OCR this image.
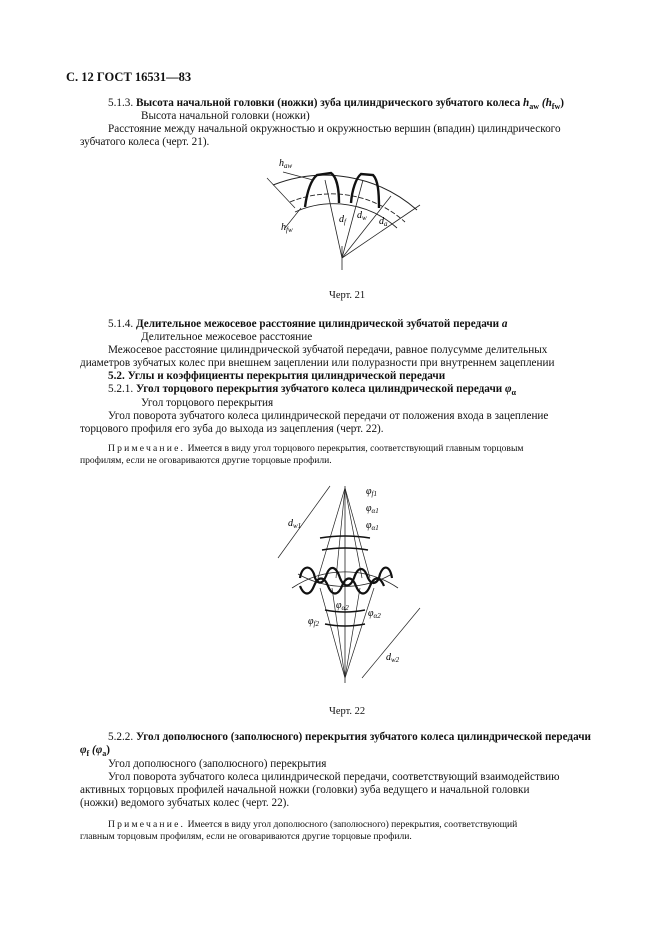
С. 12 ГОСТ 16531—83
5.1.3. Высота начальной головки (ножки) зуба цилиндрического зубчатого колеса $h_{aw}$ $(h_{fw})$
Высота начальной головки (ножки)
Расстояние между начальной окружностью и окружностью вершин (впадин) цилиндрического
зубчатого колеса (черт. 21).
$h_{aw}$
$h_{fw}$
$d_f$
$d_w$ $d_a$
Черт. 21
5.1.4. Делительное межосевое расстояние цилиндрической зубчатой передачи a
Делительное межосевое расстояние
Межосевое расстояние цилиндрической зубчатой передачи, равное полусумме делительных
диаметров зубчатых колес при внешнем зацеплении или полуразности при внутреннем зацеплении
5.2. Углы и коэффициенты перекрытия цилиндрической передачи
5.2.1. Угол торцового перекрытия зубчатого колеса цилиндрической передачи $\varphi_\alpha$
Угол торцового перекрытия
Угол поворота зубчатого колеса цилиндрической передачи от положения входа в зацепление
торцового профиля его зуба до выхода из зацепления (черт. 22).
Примечание. Имеется в виду угол торцового перекрытия, соответствующий главным торцовым
профилям, если не оговариваются другие торцовые профили.
$\varphi_{f1}$
$\varphi_{\alpha 1}$
$\varphi_{\alpha 1}$
$\varphi_{\alpha 2}$ $\varphi_{\alpha 2}$
$\varphi_{f2}$
$d_{w1}$
$d_{w2}$
Черт. 22
5.2.2. Угол дополюсного (заполюсного) перекрытия зубчатого колеса цилиндрической передачи
$\varphi_f$ $(\varphi_a)$
Угол дополюсного (заполюсного) перекрытия
Угол поворота зубчатого колеса цилиндрической передачи, соответствующий взаимодействию
активных торцовых профилей начальной ножки (головки) зуба ведущего и начальной головки
(ножки) ведомого зубчатых колес (черт. 22).
Примечание. Имеется в виду угол дополюсного (заполюсного) перекрытия, соответствующий
главным торцовым профилям, если не оговариваются другие торцовые профили.
